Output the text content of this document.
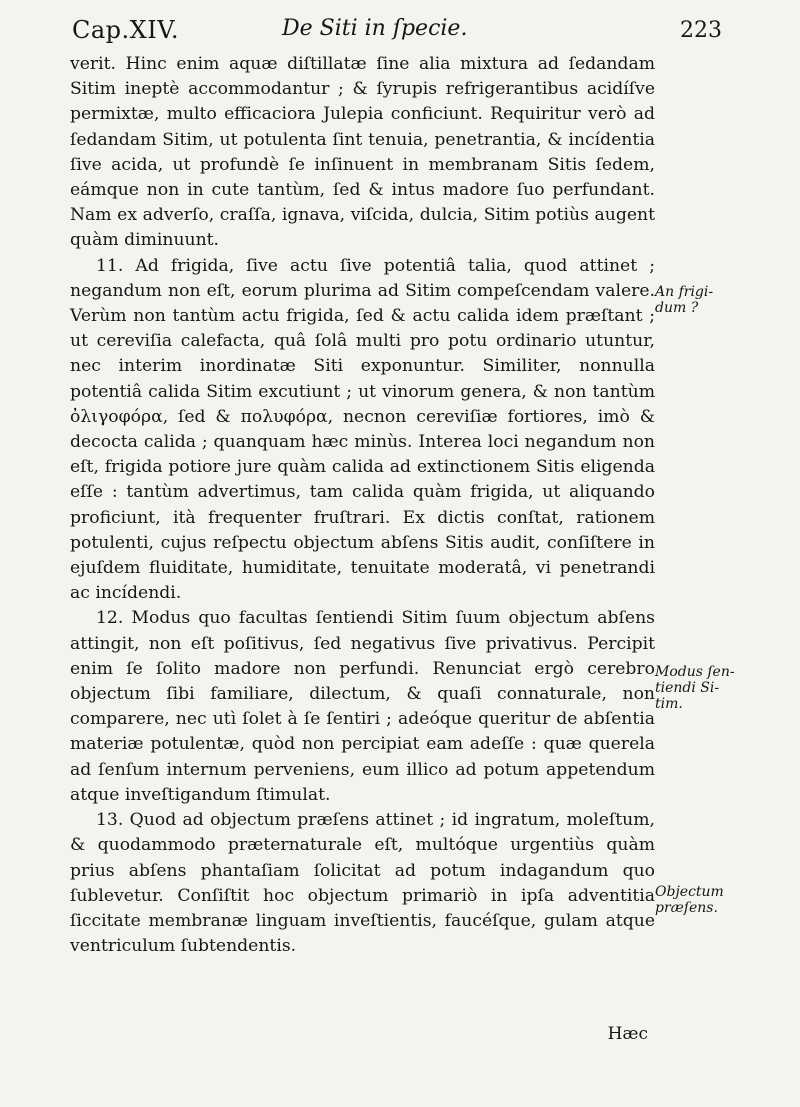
Cap.XIV.	De Siti in ſpecie.	223

verit. Hinc enim aquæ diſtillatæ ſine alia mixtura ad ſedandam Sitim ineptè accommodantur ; & ſyrupis refrigerantibus acidíſve permixtæ, multo efficaciora Julepia conficiunt. Requiritur verò ad ſedandam Sitim, ut potulenta ſint tenuia, penetrantia, & incídentia ſive acida, ut profundè ſe inſinuent in membranam Sitis ſedem, eámque non in cute tantùm, ſed & intus madore ſuo perfundant. Nam ex adverſo, craſſa, ignava, viſcida, dulcia, Sitim potiùs augent quàm diminuunt.

11. Ad frigida, ſive actu ſive potentiâ talia, quod attinet ; negandum non eſt, eorum plurima ad Sitim compeſcendam valere. Verùm non tantùm actu frigida, ſed & actu calida idem præſtant ; ut cereviſia calefacta, quâ ſolâ multi pro potu ordinario utuntur, nec interim inordinatæ Siti exponuntur. Similiter, nonnulla potentiâ calida Sitim excutiunt ; ut vinorum genera, & non tantùm ὀλιγοφόρα, ſed & πολυφόρα, necnon cereviſiæ fortiores, imò & decocta calida ; quanquam hæc minùs. Interea loci negandum non eſt, frigida potiore jure quàm calida ad extinctionem Sitis eligenda eſſe : tantùm advertimus, tam calida quàm frigida, ut aliquando proficiunt, ità frequenter fruſtrari. Ex dictis conſtat, rationem potulenti, cujus reſpectu objectum abſens Sitis audit, conſiſtere in ejuſdem fluiditate, humiditate, tenuitate moderatâ, vi penetrandi ac incídendi.

12. Modus quo facultas ſentiendi Sitim ſuum objectum abſens attingit, non eſt poſitivus, ſed negativus ſive privativus. Percipit enim ſe ſolito madore non perfundi. Renunciat ergò cerebro objectum ſibi familiare, dilectum, & quaſi connaturale, non comparere, nec utì ſolet à ſe ſentiri ; adeóque queritur de abſentia materiæ potulentæ, quòd non percipiat eam adeſſe : quæ querela ad ſenſum internum perveniens, eum illico ad potum appetendum atque inveſtigandum ſtimulat.

13. Quod ad objectum præſens attinet ; id ingratum, moleſtum, & quodammodo præternaturale eſt, multóque urgentiùs quàm prius abſens phantaſiam ſolicitat ad potum indagandum quo ſublevetur. Conſiſtit hoc objectum primariò in ipſa adventitia ſiccitate membranæ linguam inveſtientis, faucéſque, gulam atque ventriculum ſubtendentis.

Hæc
An frigi-dum ?
Modus ſen-tiendi Si-tim.
Objectum præſens.
